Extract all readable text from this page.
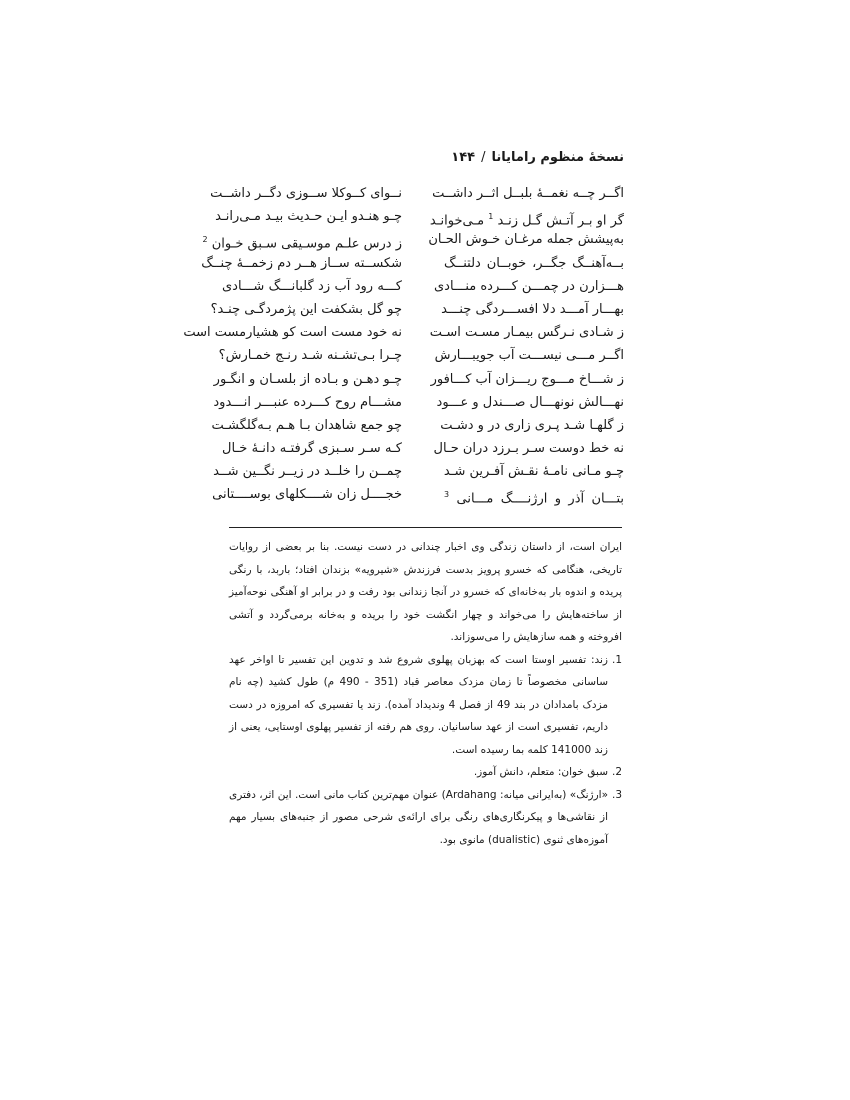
نسخهٔ منظوم رامایانا/۱۴۴
اگــر چــه نغمــهٔ بلبــل اثــر داشــت
نــوای کــوکلا ســوزی دگــر داشــت
گر او بـر آتـش گـل زنـد $^1$ مـی‌خوانـد
چـو هنـدو ایـن حـدیث بیـد مـی‌رانـد
به‌پیشش جمله مرغـان خـوش الحـان
ز درس علـم موسـیقی سـبق خـوان $^2$
بــه‌آهنــگ جگــر، خوبــان دلتنــگ
شکســته ســاز هــر دم زخمــهٔ چنــگ
هـــزارن در چمـــن کـــرده منـــادی
کـــه رود آب زد گلبانـــگ شـــادی
بهـــار آمـــد دلا افســـردگی چنـــد
چو گل بشکفت این پژمردگـی چنـد؟
ز شـادی نـرگس بیمـار مسـت اسـت
نه خود مست است کو هشیارمست است
اگــر مـــی نیســـت آب جویبـــارش
چـرا بـی‌تشـنه شـد رنـج خمـارش؟
ز شـــاخ مـــوج ریـــزان آب کـــافور
چـو دهـن و بـاده از بلسـان و انگـور
نهـــالش نونهـــال صـــندل و عـــود
مشـــام روح کـــرده عنبـــر انـــدود
ز گلهـا شـد پـری زاری در و دشـت
چو جمع شاهدان بـا هـم بـه‌گلگشـت
نه خط دوست سـر بـرزد دران حـال
کـه سـر سـبزی گرفتـه دانـهٔ خـال
چـو مـانی نامـهٔ نقـش آفـرین شـد
چمــن را خلــد در زیــر نگــین شــد
بتـــان آذر و ارژنــــگ مـــانی $^3$
خجــــل زان شــــکلهای بوســــتانی

ایران است، از داستان زندگی وی اخبار چندانی در دست نیست. بنا بر بعضی از روایات تاریخی، هنگامی که خسرو پرویز بدست فرزندش «شیرویه» بزندان افتاد؛ باربد، با رنگی پریده و اندوه بار به‌خانه‌ای که خسرو در آنجا زندانی بود رفت و در برابر او آهنگی نوحه‌آمیز از ساخته‌هایش را می‌خواند و چهار انگشت خود را بریده و به‌خانه برمی‌گردد و آتشی افروخته و همه سازهایش را می‌سوزاند.

1.
زند: تفسیر اوستا است که بهزبان پهلوی شروع شد و تدوین این تفسیر تا اواخر عهد ساسانی مخصوصاً تا زمان مزدک معاصر قباد (351 - 490 م) طول کشید (چه نام مزدک بامدادان در بند 49 از فصل 4 وندیداد آمده). زند یا تفسیری که امروزه در دست داریم، تفسیری است از عهد ساسانیان. روی هم رفته از تفسیر پهلوی اوستایی، یعنی از زند 141000 کلمه بما رسیده است.
2.
سبق خوان: متعلم، دانش آموز.
3.
«ارژنگ» (به‌ایرانی میانه: Ardahang) عنوان مهم‌ترین کتاب مانی است. این اثر، دفتری از نقاشی‌ها و پیکرنگاری‌های رنگی برای ارائه‌ی شرحی مصور از جنبه‌های بسیار مهم آموزه‌های ثنوی (dualistic) مانوی بود.
